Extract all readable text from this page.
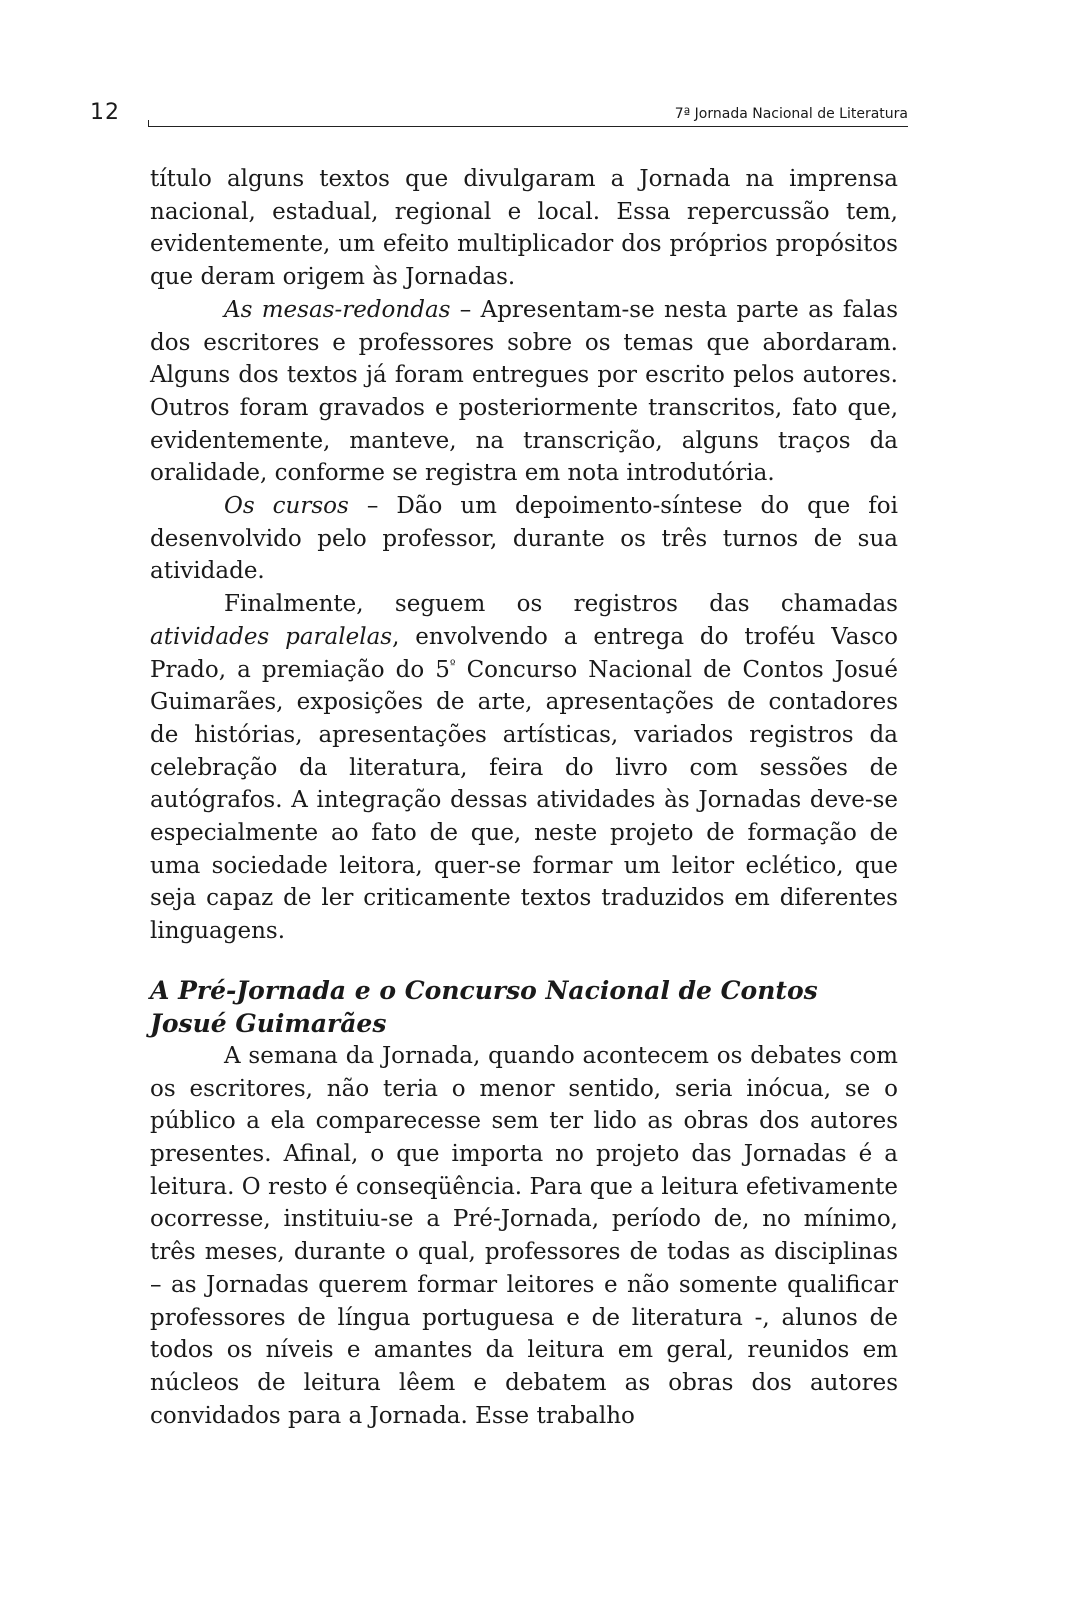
12	7ª Jornada Nacional de Literatura

título alguns textos que divulgaram a Jornada na imprensa nacional, estadual, regional e local. Essa repercussão tem, evidentemente, um efeito multiplicador dos próprios propósitos que deram origem às Jornadas.

As mesas-redondas – Apresentam-se nesta parte as falas dos escritores e professores sobre os temas que abordaram. Alguns dos textos já foram entregues por escrito pelos autores. Outros foram gravados e posteriormente transcritos, fato que, evidentemente, manteve, na transcrição, alguns traços da oralidade, conforme se registra em nota introdutória.

Os cursos – Dão um depoimento-síntese do que foi desenvolvido pelo professor, durante os três turnos de sua atividade.

Finalmente, seguem os registros das chamadas atividades paralelas, envolvendo a entrega do troféu Vasco Prado, a premiação do $5^º$ Concurso Nacional de Contos Josué Guimarães, exposições de arte, apresentações de contadores de histórias, apresentações artísticas, variados registros da celebração da literatura, feira do livro com sessões de autógrafos. A integração dessas atividades às Jornadas deve-se especialmente ao fato de que, neste projeto de formação de uma sociedade leitora, quer-se formar um leitor eclético, que seja capaz de ler criticamente textos traduzidos em diferentes linguagens.

A Pré-Jornada e o Concurso Nacional de Contos Josué Guimarães

A semana da Jornada, quando acontecem os debates com os escritores, não teria o menor sentido, seria inócua, se o público a ela comparecesse sem ter lido as obras dos autores presentes. Afinal, o que importa no projeto das Jornadas é a leitura. O resto é conseqüência. Para que a leitura efetivamente ocorresse, instituiu-se a Pré-Jornada, período de, no mínimo, três meses, durante o qual, professores de todas as disciplinas – as Jornadas querem formar leitores e não somente qualificar professores de língua portuguesa e de literatura -, alunos de todos os níveis e amantes da leitura em geral, reunidos em núcleos de leitura lêem e debatem as obras dos autores convidados para a Jornada. Esse trabalho
